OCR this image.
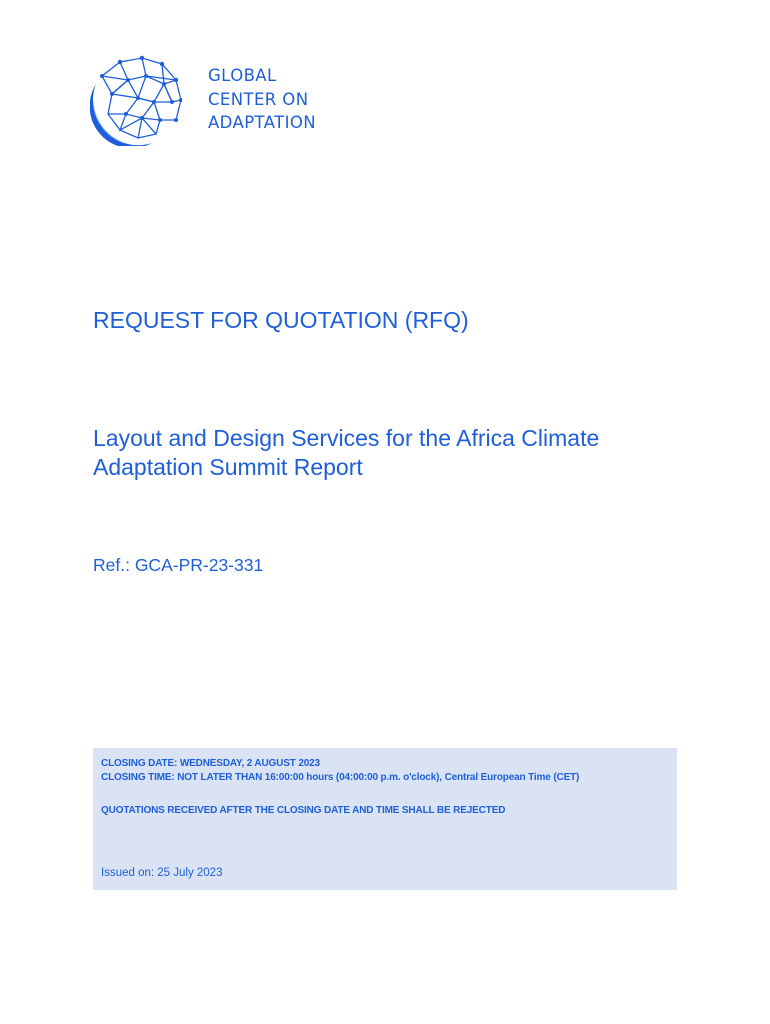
GLOBAL
CENTER ON
ADAPTATION
REQUEST FOR QUOTATION (RFQ)
Layout and Design Services for the Africa Climate
Adaptation Summit Report
Ref.: GCA-PR-23-331
CLOSING DATE: WEDNESDAY, 2 AUGUST 2023
CLOSING TIME: NOT LATER THAN 16:00:00 hours (04:00:00 p.m. o'clock), Central European Time (CET)
QUOTATIONS RECEIVED AFTER THE CLOSING DATE AND TIME SHALL BE REJECTED
Issued on: 25 July 2023
